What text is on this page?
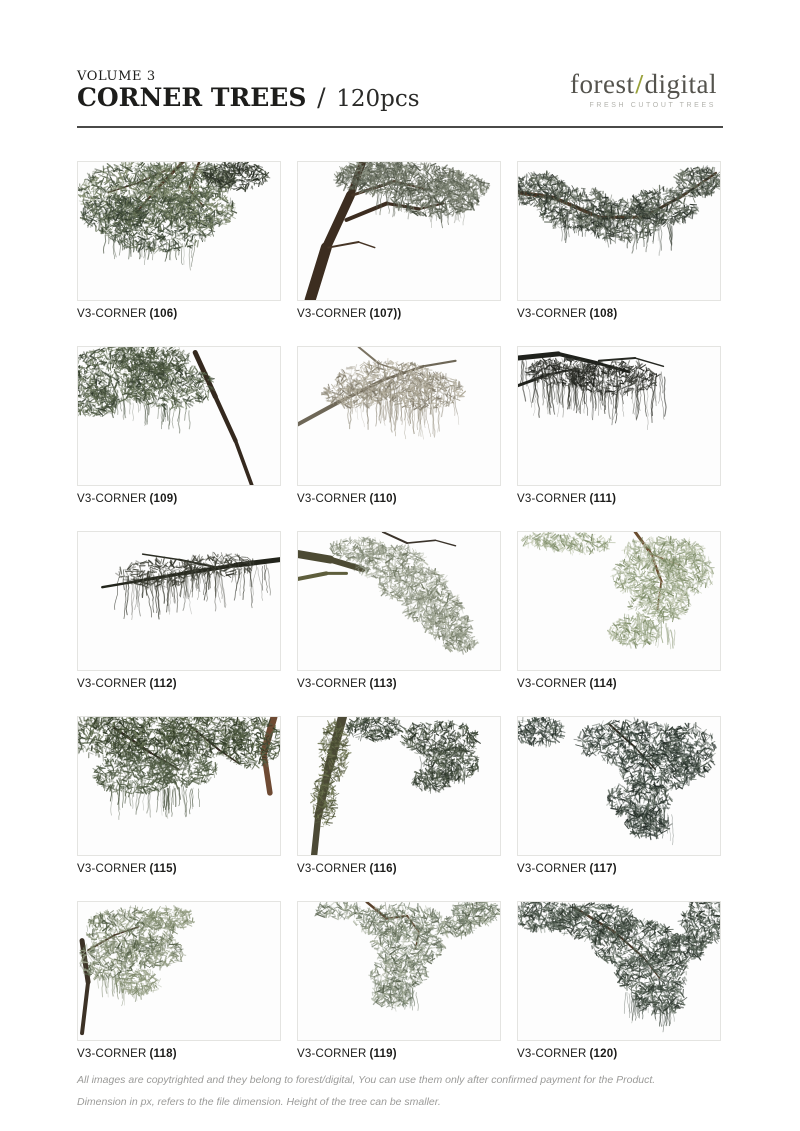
VOLUME 3
CORNER TREES / 120pcs	forest/digital
FRESH CUTOUT TREES
V3-CORNER (106)	V3-CORNER (107))	V3-CORNER (108)
V3-CORNER (109)	V3-CORNER (110)	V3-CORNER (111)
V3-CORNER (112)	V3-CORNER (113)	V3-CORNER (114)
V3-CORNER (115)	V3-CORNER (116)	V3-CORNER (117)
V3-CORNER (118)	V3-CORNER (119)	V3-CORNER (120)
All images are copytrighted and they belong to forest/digital, You can use them only after confirmed payment for the Product.
Dimension in px, refers to the file dimension. Height of the tree can be smaller.
